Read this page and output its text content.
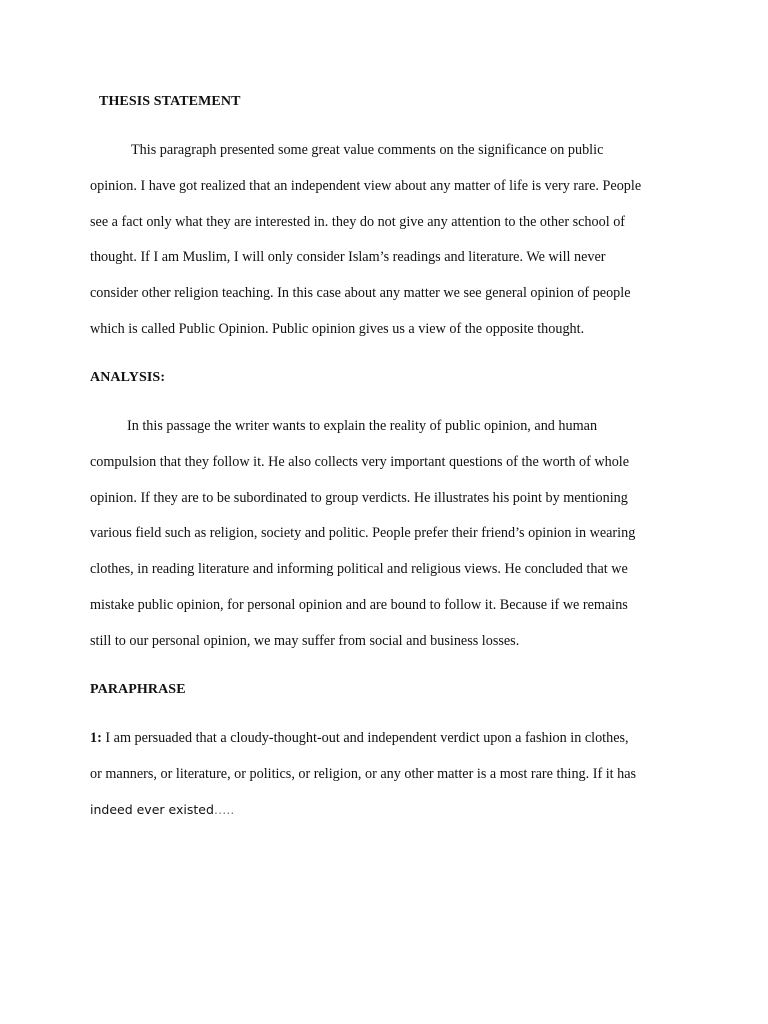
THESIS STATEMENT
This paragraph presented some great value comments on the significance on public
opinion. I have got realized that an independent view about any matter of life is very rare. People
see a fact only what they are interested in. they do not give any attention to the other school of
thought. If I am Muslim, I will only consider Islam’s readings and literature. We will never
consider other religion teaching. In this case about any matter we see general opinion of people
which is called Public Opinion. Public opinion gives us a view of the opposite thought.
ANALYSIS:
In this passage the writer wants to explain the reality of public opinion, and human
compulsion that they follow it. He also collects very important questions of the worth of whole
opinion. If they are to be subordinated to group verdicts. He illustrates his point by mentioning
various field such as religion, society and politic. People prefer their friend’s opinion in wearing
clothes, in reading literature and informing political and religious views. He concluded that we
mistake public opinion, for personal opinion and are bound to follow it. Because if we remains
still to our personal opinion, we may suffer from social and business losses.
PARAPHRASE
1: I am persuaded that a cloudy-thought-out and independent verdict upon a fashion in clothes,
or manners, or literature, or politics, or religion, or any other matter is a most rare thing. If it has
indeed ever existed…..
